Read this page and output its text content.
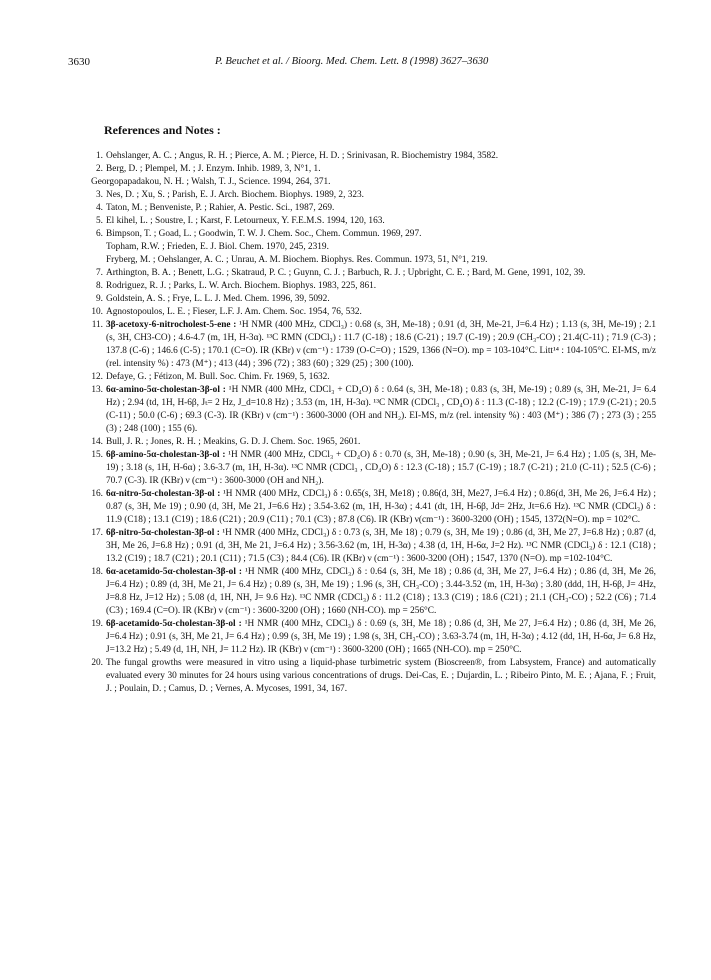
3630	P. Beuchet et al. / Bioorg. Med. Chem. Lett. 8 (1998) 3627–3630
References and Notes :
1. Oehslanger, A. C. ; Angus, R. H. ; Pierce, A. M. ; Pierce, H. D. ; Srinivasan, R. Biochemistry 1984, 3582.
2. Berg, D. ; Plempel, M. ; J. Enzym. Inhib. 1989, 3, N°1, 1.
Georgopapadakou, N. H. ; Walsh, T. J., Science. 1994, 264, 371.
3. Nes, D. ; Xu, S. ; Parish, E. J. Arch. Biochem. Biophys. 1989, 2, 323.
4. Taton, M. ; Benveniste, P. ; Rahier, A. Pestic. Sci., 1987, 269.
5. El kihel, L. ; Soustre, I. ; Karst, F. Letourneux, Y. F.E.M.S. 1994, 120, 163.
6. Bimpson, T. ; Goad, L. ; Goodwin, T. W. J. Chem. Soc., Chem. Commun. 1969, 297.
Topham, R.W. ; Frieden, E. J. Biol. Chem. 1970, 245, 2319.
Fryberg, M. ; Oehslanger, A. C. ; Unrau, A. M. Biochem. Biophys. Res. Commun. 1973, 51, N°1, 219.
7. Arthington, B. A. ; Benett, L.G. ; Skatraud, P. C. ; Guynn, C. J. ; Barbuch, R. J. ; Upbright, C. E. ; Bard, M. Gene, 1991, 102, 39.
8. Rodriguez, R. J. ; Parks, L. W. Arch. Biochem. Biophys. 1983, 225, 861.
9. Goldstein, A. S. ; Frye, L. L. J. Med. Chem. 1996, 39, 5092.
10. Agnostopoulos, L. E. ; Fieser, L.F. J. Am. Chem. Soc. 1954, 76, 532.
11. 3β-acetoxy-6-nitrocholest-5-ene : ¹H NMR (400 MHz, CDCl₃) : 0.68 (s, 3H, Me-18) ; 0.91 (d, 3H, Me-21, J=6.4 Hz) ; 1.13 (s, 3H, Me-19) ; 2.1 (s, 3H, CH3-CO) ; 4.6-4.7 (m, 1H, H-3α). ¹³C RMN (CDCl₃) : 11.7 (C-18) ; 18.6 (C-21) ; 19.7 (C-19) ; 20.9 (CH₃-CO) ; 21.4(C-11) ; 71.9 (C-3) ; 137.8 (C-6) ; 146.6 (C-5) ; 170.1 (C=O). IR (KBr) ν (cm⁻¹) : 1739 (O-C=O) ; 1529, 1366 (N=O). mp = 103-104°C. Litt¹⁴ : 104-105°C. EI-MS, m/z (rel. intensity %) : 473 (M⁺) ; 413 (44) ; 396 (72) ; 383 (60) ; 329 (25) ; 300 (100).
12. Defaye, G. ; Fétizon, M. Bull. Soc. Chim. Fr. 1969, 5, 1632.
13. 6α-amino-5α-cholestan-3β-ol : ¹H NMR (400 MHz, CDCl₃ + CD₄O) δ : 0.64 (s, 3H, Me-18) ; 0.83 (s, 3H, Me-19) ; 0.89 (s, 3H, Me-21, J= 6.4 Hz) ; 2.94 (td, 1H, H-6β, Jₜ= 2 Hz, J_d=10.8 Hz) ; 3.53 (m, 1H, H-3α). ¹³C NMR (CDCl₃ , CD₄O) δ : 11.3 (C-18) ; 12.2 (C-19) ; 17.9 (C-21) ; 20.5 (C-11) ; 50.0 (C-6) ; 69.3 (C-3). IR (KBr) ν (cm⁻¹) : 3600-3000 (OH and NH₂). EI-MS, m/z (rel. intensity %) : 403 (M⁺) ; 386 (7) ; 273 (3) ; 255 (3) ; 248 (100) ; 155 (6).
14. Bull, J. R. ; Jones, R. H. ; Meakins, G. D. J. Chem. Soc. 1965, 2601.
15. 6β-amino-5α-cholestan-3β-ol : ¹H NMR (400 MHz, CDCl₃ + CD₄O) δ : 0.70 (s, 3H, Me-18) ; 0.90 (s, 3H, Me-21, J= 6.4 Hz) ; 1.05 (s, 3H, Me-19) ; 3.18 (s, 1H, H-6α) ; 3.6-3.7 (m, 1H, H-3α). ¹³C NMR (CDCl₃ , CD₄O) δ : 12.3 (C-18) ; 15.7 (C-19) ; 18.7 (C-21) ; 21.0 (C-11) ; 52.5 (C-6) ; 70.7 (C-3). IR (KBr) ν (cm⁻¹) : 3600-3000 (OH and NH₂).
16. 6α-nitro-5α-cholestan-3β-ol : ¹H NMR (400 MHz, CDCl₃) δ : 0.65(s, 3H, Me18) ; 0.86(d, 3H, Me27, J=6.4 Hz) ; 0.86(d, 3H, Me 26, J=6.4 Hz) ; 0.87 (s, 3H, Me 19) ; 0.90 (d, 3H, Me 21, J=6.6 Hz) ; 3.54-3.62 (m, 1H, H-3α) ; 4.41 (dt, 1H, H-6β, Jd= 2Hz, Jt=6.6 Hz). ¹³C NMR (CDCl₃) δ : 11.9 (C18) ; 13.1 (C19) ; 18.6 (C21) ; 20.9 (C11) ; 70.1 (C3) ; 87.8 (C6). IR (KBr) ν(cm⁻¹) : 3600-3200 (OH) ; 1545, 1372(N=O). mp = 102°C.
17. 6β-nitro-5α-cholestan-3β-ol : ¹H NMR (400 MHz, CDCl₃) δ : 0.73 (s, 3H, Me 18) ; 0.79 (s, 3H, Me 19) ; 0.86 (d, 3H, Me 27, J=6.8 Hz) ; 0.87 (d, 3H, Me 26, J=6.8 Hz) ; 0.91 (d, 3H, Me 21, J=6.4 Hz) ; 3.56-3.62 (m, 1H, H-3α) ; 4.38 (d, 1H, H-6α, J=2 Hz). ¹³C NMR (CDCl₃) δ : 12.1 (C18) ; 13.2 (C19) ; 18.7 (C21) ; 20.1 (C11) ; 71.5 (C3) ; 84.4 (C6). IR (KBr) ν (cm⁻¹) : 3600-3200 (OH) ; 1547, 1370 (N=O). mp =102-104°C.
18. 6α-acetamido-5α-cholestan-3β-ol : ¹H NMR (400 MHz, CDCl₃) δ : 0.64 (s, 3H, Me 18) ; 0.86 (d, 3H, Me 27, J=6.4 Hz) ; 0.86 (d, 3H, Me 26, J=6.4 Hz) ; 0.89 (d, 3H, Me 21, J= 6.4 Hz) ; 0.89 (s, 3H, Me 19) ; 1.96 (s, 3H, CH₃-CO) ; 3.44-3.52 (m, 1H, H-3α) ; 3.80 (ddd, 1H, H-6β, J= 4Hz, J=8.8 Hz, J=12 Hz) ; 5.08 (d, 1H, NH, J= 9.6 Hz). ¹³C NMR (CDCl₃) δ : 11.2 (C18) ; 13.3 (C19) ; 18.6 (C21) ; 21.1 (CH₃-CO) ; 52.2 (C6) ; 71.4 (C3) ; 169.4 (C=O). IR (KBr) ν (cm⁻¹) : 3600-3200 (OH) ; 1660 (NH-CO). mp = 256°C.
19. 6β-acetamido-5α-cholestan-3β-ol : ¹H NMR (400 MHz, CDCl₃) δ : 0.69 (s, 3H, Me 18) ; 0.86 (d, 3H, Me 27, J=6.4 Hz) ; 0.86 (d, 3H, Me 26, J=6.4 Hz) ; 0.91 (s, 3H, Me 21, J= 6.4 Hz) ; 0.99 (s, 3H, Me 19) ; 1.98 (s, 3H, CH₃-CO) ; 3.63-3.74 (m, 1H, H-3α) ; 4.12 (dd, 1H, H-6α, J= 6.8 Hz, J=13.2 Hz) ; 5.49 (d, 1H, NH, J= 11.2 Hz). IR (KBr) ν (cm⁻¹) : 3600-3200 (OH) ; 1665 (NH-CO). mp = 250°C.
20. The fungal growths were measured in vitro using a liquid-phase turbimetric system (Bioscreen®, from Labsystem, France) and automatically evaluated every 30 minutes for 24 hours using various concentrations of drugs. Dei-Cas, E. ; Dujardin, L. ; Ribeiro Pinto, M. E. ; Ajana, F. ; Fruit, J. ; Poulain, D. ; Camus, D. ; Vernes, A. Mycoses, 1991, 34, 167.
